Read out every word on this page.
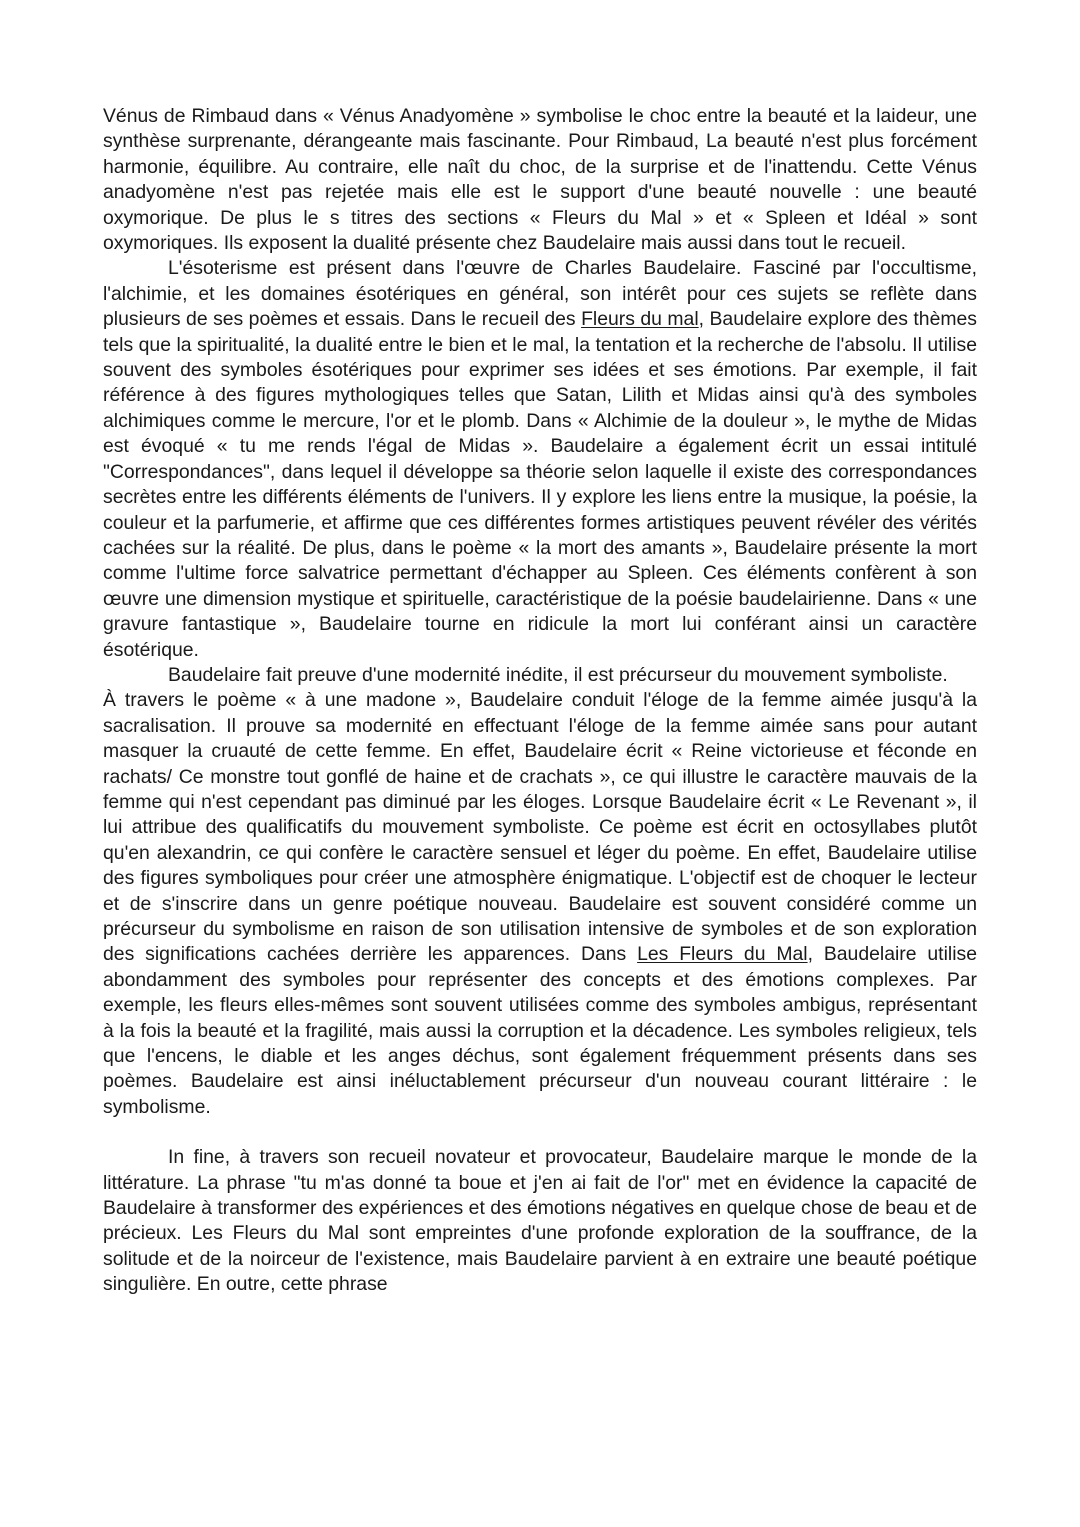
Vénus de Rimbaud dans « Vénus Anadyomène » symbolise le choc entre la beauté et la laideur, une synthèse surprenante, dérangeante mais fascinante. Pour Rimbaud, La beauté n'est plus forcément harmonie, équilibre. Au contraire, elle naît du choc, de la surprise et de l'inattendu. Cette Vénus anadyomène n'est pas rejetée mais elle est le support d'une beauté nouvelle : une beauté oxymorique. De plus le s titres des sections « Fleurs du Mal » et « Spleen et Idéal » sont oxymoriques. Ils exposent la dualité présente chez Baudelaire mais aussi dans tout le recueil.

L'ésoterisme est présent dans l'œuvre de Charles Baudelaire. Fasciné par l'occultisme, l'alchimie, et les domaines ésotériques en général, son intérêt pour ces sujets se reflète dans plusieurs de ses poèmes et essais. Dans le recueil des Fleurs du mal, Baudelaire explore des thèmes tels que la spiritualité, la dualité entre le bien et le mal, la tentation et la recherche de l'absolu. Il utilise souvent des symboles ésotériques pour exprimer ses idées et ses émotions. Par exemple, il fait référence à des figures mythologiques telles que Satan, Lilith et Midas ainsi qu'à des symboles alchimiques comme le mercure, l'or et le plomb. Dans « Alchimie de la douleur », le mythe de Midas est évoqué « tu me rends l'égal de Midas ». Baudelaire a également écrit un essai intitulé "Correspondances", dans lequel il développe sa théorie selon laquelle il existe des correspondances secrètes entre les différents éléments de l'univers. Il y explore les liens entre la musique, la poésie, la couleur et la parfumerie, et affirme que ces différentes formes artistiques peuvent révéler des vérités cachées sur la réalité. De plus, dans le poème « la mort des amants », Baudelaire présente la mort comme l'ultime force salvatrice permettant d'échapper au Spleen. Ces éléments confèrent à son œuvre une dimension mystique et spirituelle, caractéristique de la poésie baudelairienne. Dans « une gravure fantastique », Baudelaire tourne en ridicule la mort lui conférant ainsi un caractère ésotérique.

Baudelaire fait preuve d'une modernité inédite, il est précurseur du mouvement symboliste.

À travers le poème « à une madone », Baudelaire conduit l'éloge de la femme aimée jusqu'à la sacralisation. Il prouve sa modernité en effectuant l'éloge de la femme aimée sans pour autant masquer la cruauté de cette femme. En effet, Baudelaire écrit « Reine victorieuse et féconde en rachats/ Ce monstre tout gonflé de haine et de crachats », ce qui illustre le caractère mauvais de la femme qui n'est cependant pas diminué par les éloges. Lorsque Baudelaire écrit « Le Revenant », il lui attribue des qualificatifs du mouvement symboliste. Ce poème est écrit en octosyllabes plutôt qu'en alexandrin, ce qui confère le caractère sensuel et léger du poème. En effet, Baudelaire utilise des figures symboliques pour créer une atmosphère énigmatique. L'objectif est de choquer le lecteur et de s'inscrire dans un genre poétique nouveau. Baudelaire est souvent considéré comme un précurseur du symbolisme en raison de son utilisation intensive de symboles et de son exploration des significations cachées derrière les apparences. Dans Les Fleurs du Mal, Baudelaire utilise abondamment des symboles pour représenter des concepts et des émotions complexes. Par exemple, les fleurs elles-mêmes sont souvent utilisées comme des symboles ambigus, représentant à la fois la beauté et la fragilité, mais aussi la corruption et la décadence. Les symboles religieux, tels que l'encens, le diable et les anges déchus, sont également fréquemment présents dans ses poèmes. Baudelaire est ainsi inéluctablement précurseur d'un nouveau courant littéraire : le symbolisme.

In fine, à travers son recueil novateur et provocateur, Baudelaire marque le monde de la littérature. La phrase "tu m'as donné ta boue et j'en ai fait de l'or" met en évidence la capacité de Baudelaire à transformer des expériences et des émotions négatives en quelque chose de beau et de précieux. Les Fleurs du Mal sont empreintes d'une profonde exploration de la souffrance, de la solitude et de la noirceur de l'existence, mais Baudelaire parvient à en extraire une beauté poétique singulière. En outre, cette phrase
